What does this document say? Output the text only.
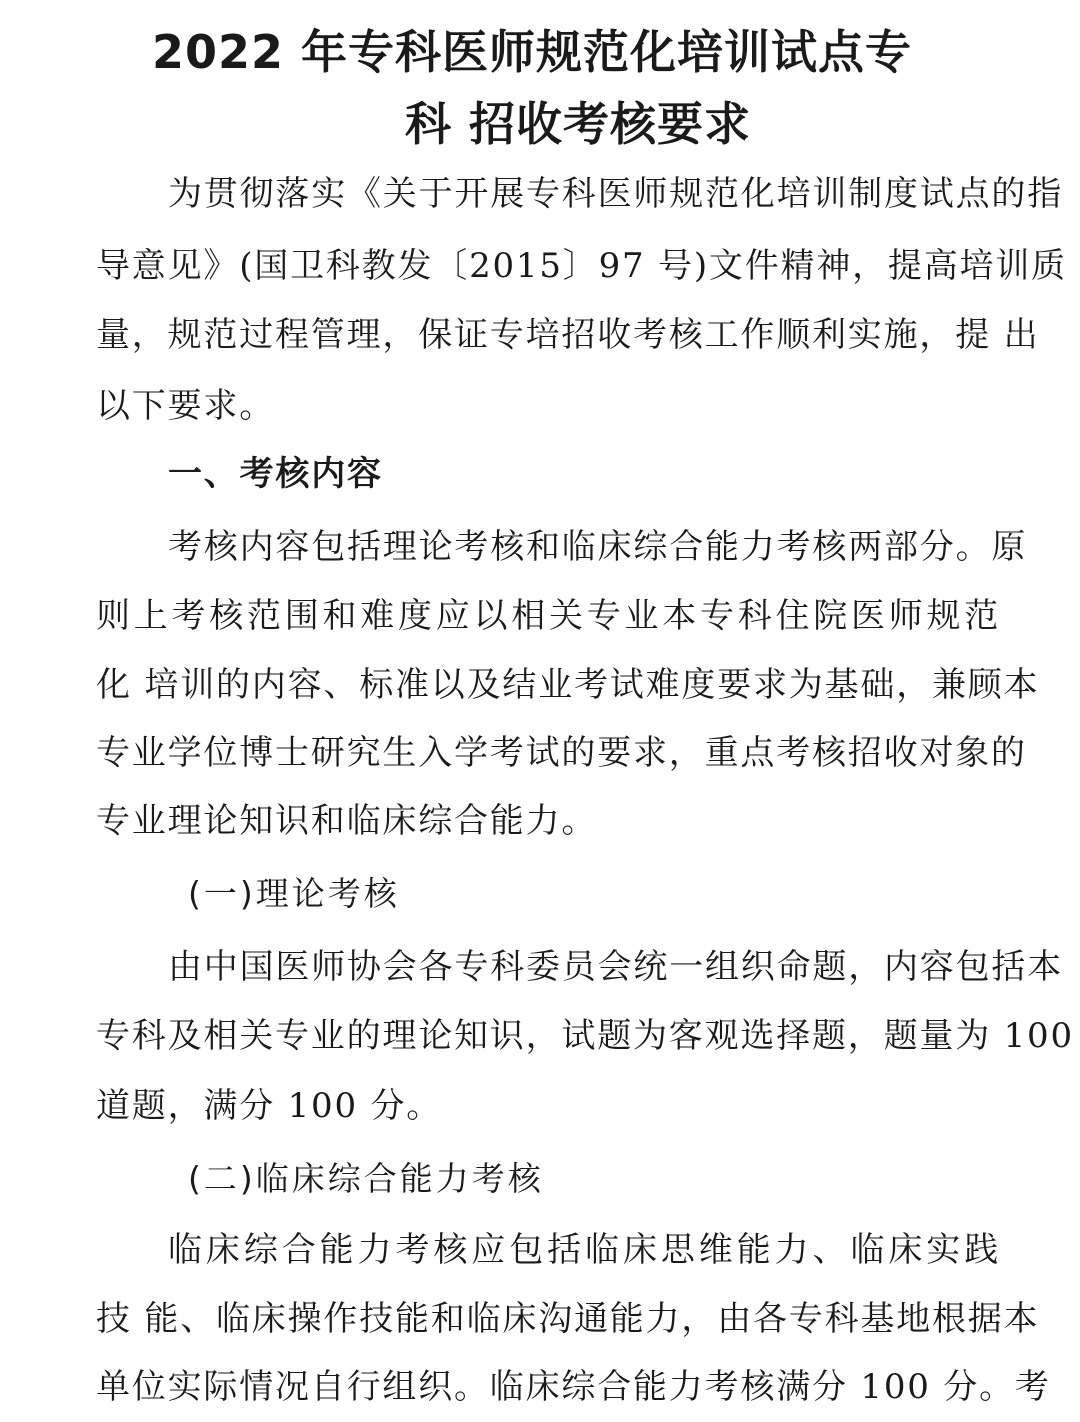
2022 年专科医师规范化培训试点专
科 招收考核要求
为贯彻落实《关于开展专科医师规范化培训制度试点的指
导意见》(国卫科教发〔2015〕97 号)文件精神，提高培训质
量，规范过程管理，保证专培招收考核工作顺利实施，提 出
以下要求。
一、考核内容
考核内容包括理论考核和临床综合能力考核两部分。原
则上考核范围和难度应以相关专业本专科住院医师规范
化 培训的内容、标准以及结业考试难度要求为基础，兼顾本
专业学位博士研究生入学考试的要求，重点考核招收对象的
专业理论知识和临床综合能力。
(一)理论考核
由中国医师协会各专科委员会统一组织命题，内容包括本
专科及相关专业的理论知识，试题为客观选择题，题量为 100
道题，满分 100 分。
(二)临床综合能力考核
临床综合能力考核应包括临床思维能力、临床实践
技 能、临床操作技能和临床沟通能力，由各专科基地根据本
单位实际情况自行组织。临床综合能力考核满分 100 分。考
